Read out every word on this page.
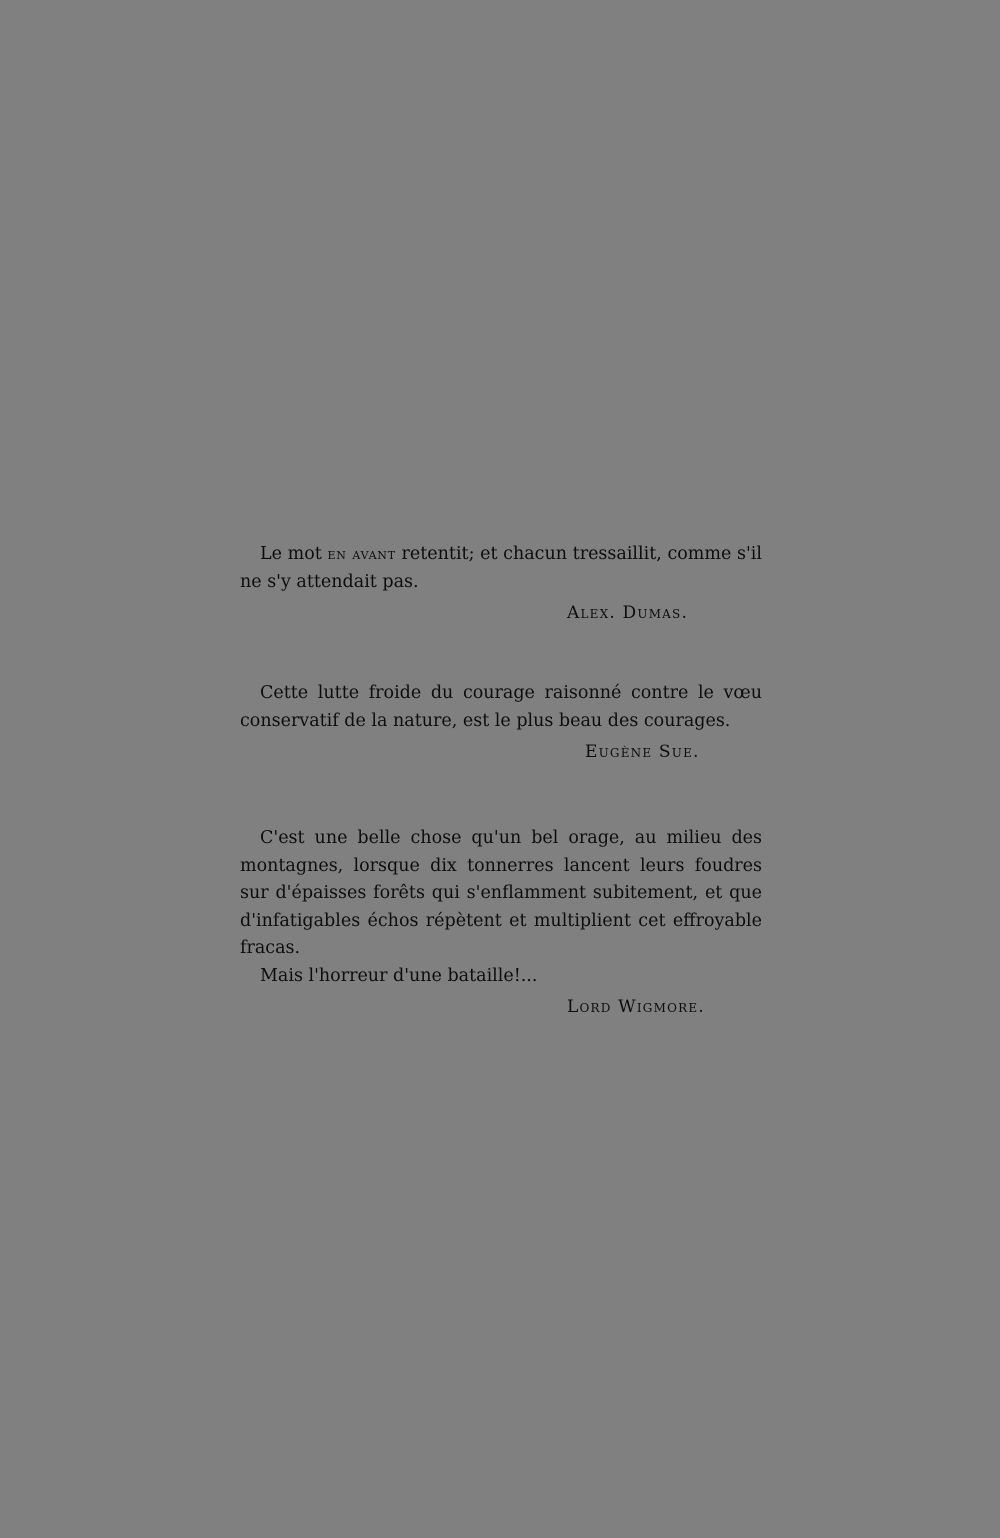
Le mot en avant retentit; et chacun tressaillit, comme s'il ne s'y attendait pas.

Alex. Dumas.

Cette lutte froide du courage raisonné contre le vœu conservatif de la nature, est le plus beau des courages.

Eugène Sue.

C'est une belle chose qu'un bel orage, au milieu des montagnes, lorsque dix tonnerres lancent leurs foudres sur d'épaisses forêts qui s'enflamment subitement, et que d'infatigables échos répètent et multiplient cet effroyable fracas.

Mais l'horreur d'une bataille!...

Lord Wigmore.
